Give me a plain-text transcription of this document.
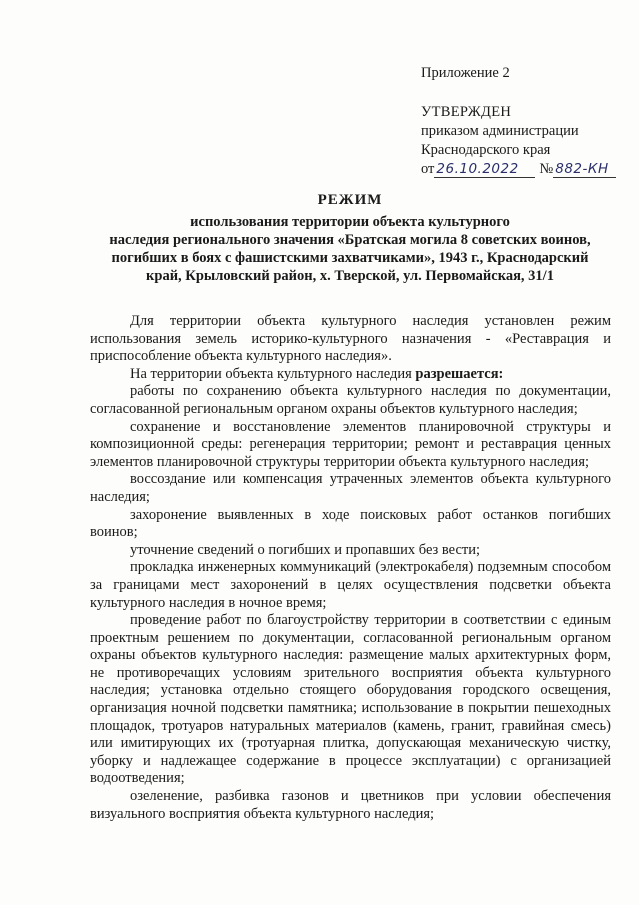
Приложение 2
УТВЕРЖДЕН
приказом администрации
Краснодарского края
от 26.10.2022	№ 882-КН
РЕЖИМ
использования территории объекта культурного
наследия регионального значения «Братская могила 8 советских воинов,
погибших в боях с фашистскими захватчиками», 1943 г., Краснодарский
край, Крыловский район, х. Тверской, ул. Первомайская, 31/1

Для территории объекта культурного наследия установлен режим использования земель историко-культурного назначения - «Реставрация и приспособление объекта культурного наследия».

На территории объекта культурного наследия разрешается:

работы по сохранению объекта культурного наследия по документации, согласованной региональным органом охраны объектов культурного наследия;

сохранение и восстановление элементов планировочной структуры и композиционной среды: регенерация территории; ремонт и реставрация ценных элементов планировочной структуры территории объекта культурного наследия;

воссоздание или компенсация утраченных элементов объекта культурного наследия;

захоронение выявленных в ходе поисковых работ останков погибших воинов;

уточнение сведений о погибших и пропавших без вести;

прокладка инженерных коммуникаций (электрокабеля) подземным способом за границами мест захоронений в целях осуществления подсветки объекта культурного наследия в ночное время;

проведение работ по благоустройству территории в соответствии с единым проектным решением по документации, согласованной региональным органом охраны объектов культурного наследия: размещение малых архитектурных форм, не противоречащих условиям зрительного восприятия объекта культурного наследия; установка отдельно стоящего оборудования городского освещения, организация ночной подсветки памятника; использование в покрытии пешеходных площадок, тротуаров натуральных материалов (камень, гранит, гравийная смесь) или имитирующих их (тротуарная плитка, допускающая механическую чистку, уборку и надлежащее содержание в процессе эксплуатации) с организацией водоотведения;

озеленение, разбивка газонов и цветников при условии обеспечения визуального восприятия объекта культурного наследия;
